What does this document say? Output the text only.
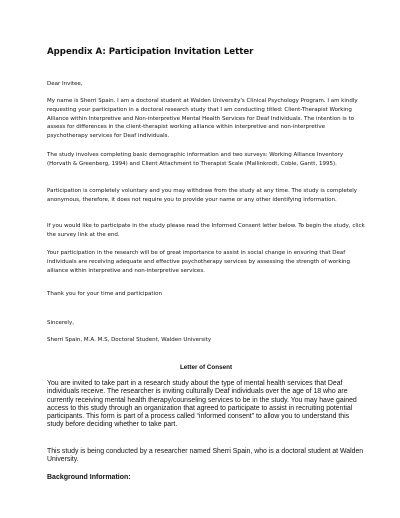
Appendix A: Participation Invitation Letter

Dear Invitee,

My name is Sherri Spain. I am a doctoral student at Walden University's Clinical Psychology Program. I am kindly requesting your participation in a doctoral research study that I am conducting titled: Client-Therapist Working Alliance within Interpretive and Non-interpretive Mental Health Services for Deaf Individuals. The intention is to assess for differences in the client-therapist working alliance within interpretive and non-interpretive psychotherapy services for Deaf individuals.

The study involves completing basic demographic information and two surveys: Working Alliance Inventory (Horvath & Greenberg, 1994) and Client Attachment to Therapist Scale (Mallinkrodt, Coble, Gantt, 1995).

Participation is completely voluntary and you may withdraw from the study at any time. The study is completely anonymous, therefore, it does not require you to provide your name or any other identifying information.

If you would like to participate in the study please read the Informed Consent letter below. To begin the study, click the survey link at the end.

Your participation in the research will be of great importance to assist in social change in ensuring that Deaf individuals are receiving adequate and effective psychotherapy services by assessing the strength of working alliance within interpretive and non-interpretive services.

Thank you for your time and participation

Sincerely,

Sherri Spain, M.A. M.S, Doctoral Student, Walden University

Letter of Consent

You are invited to take part in a research study about the type of mental health services that Deaf individuals receive. The researcher is inviting culturally Deaf individuals over the age of 18 who are currently receiving mental health therapy/counseling services to be in the study. You may have gained access to this study through an organization that agreed to participate to assist in recruiting potential participants. This form is part of a process called “informed consent” to allow you to understand this study before deciding whether to take part.

This study is being conducted by a researcher named Sherri Spain, who is a doctoral student at Walden University.

Background Information:
